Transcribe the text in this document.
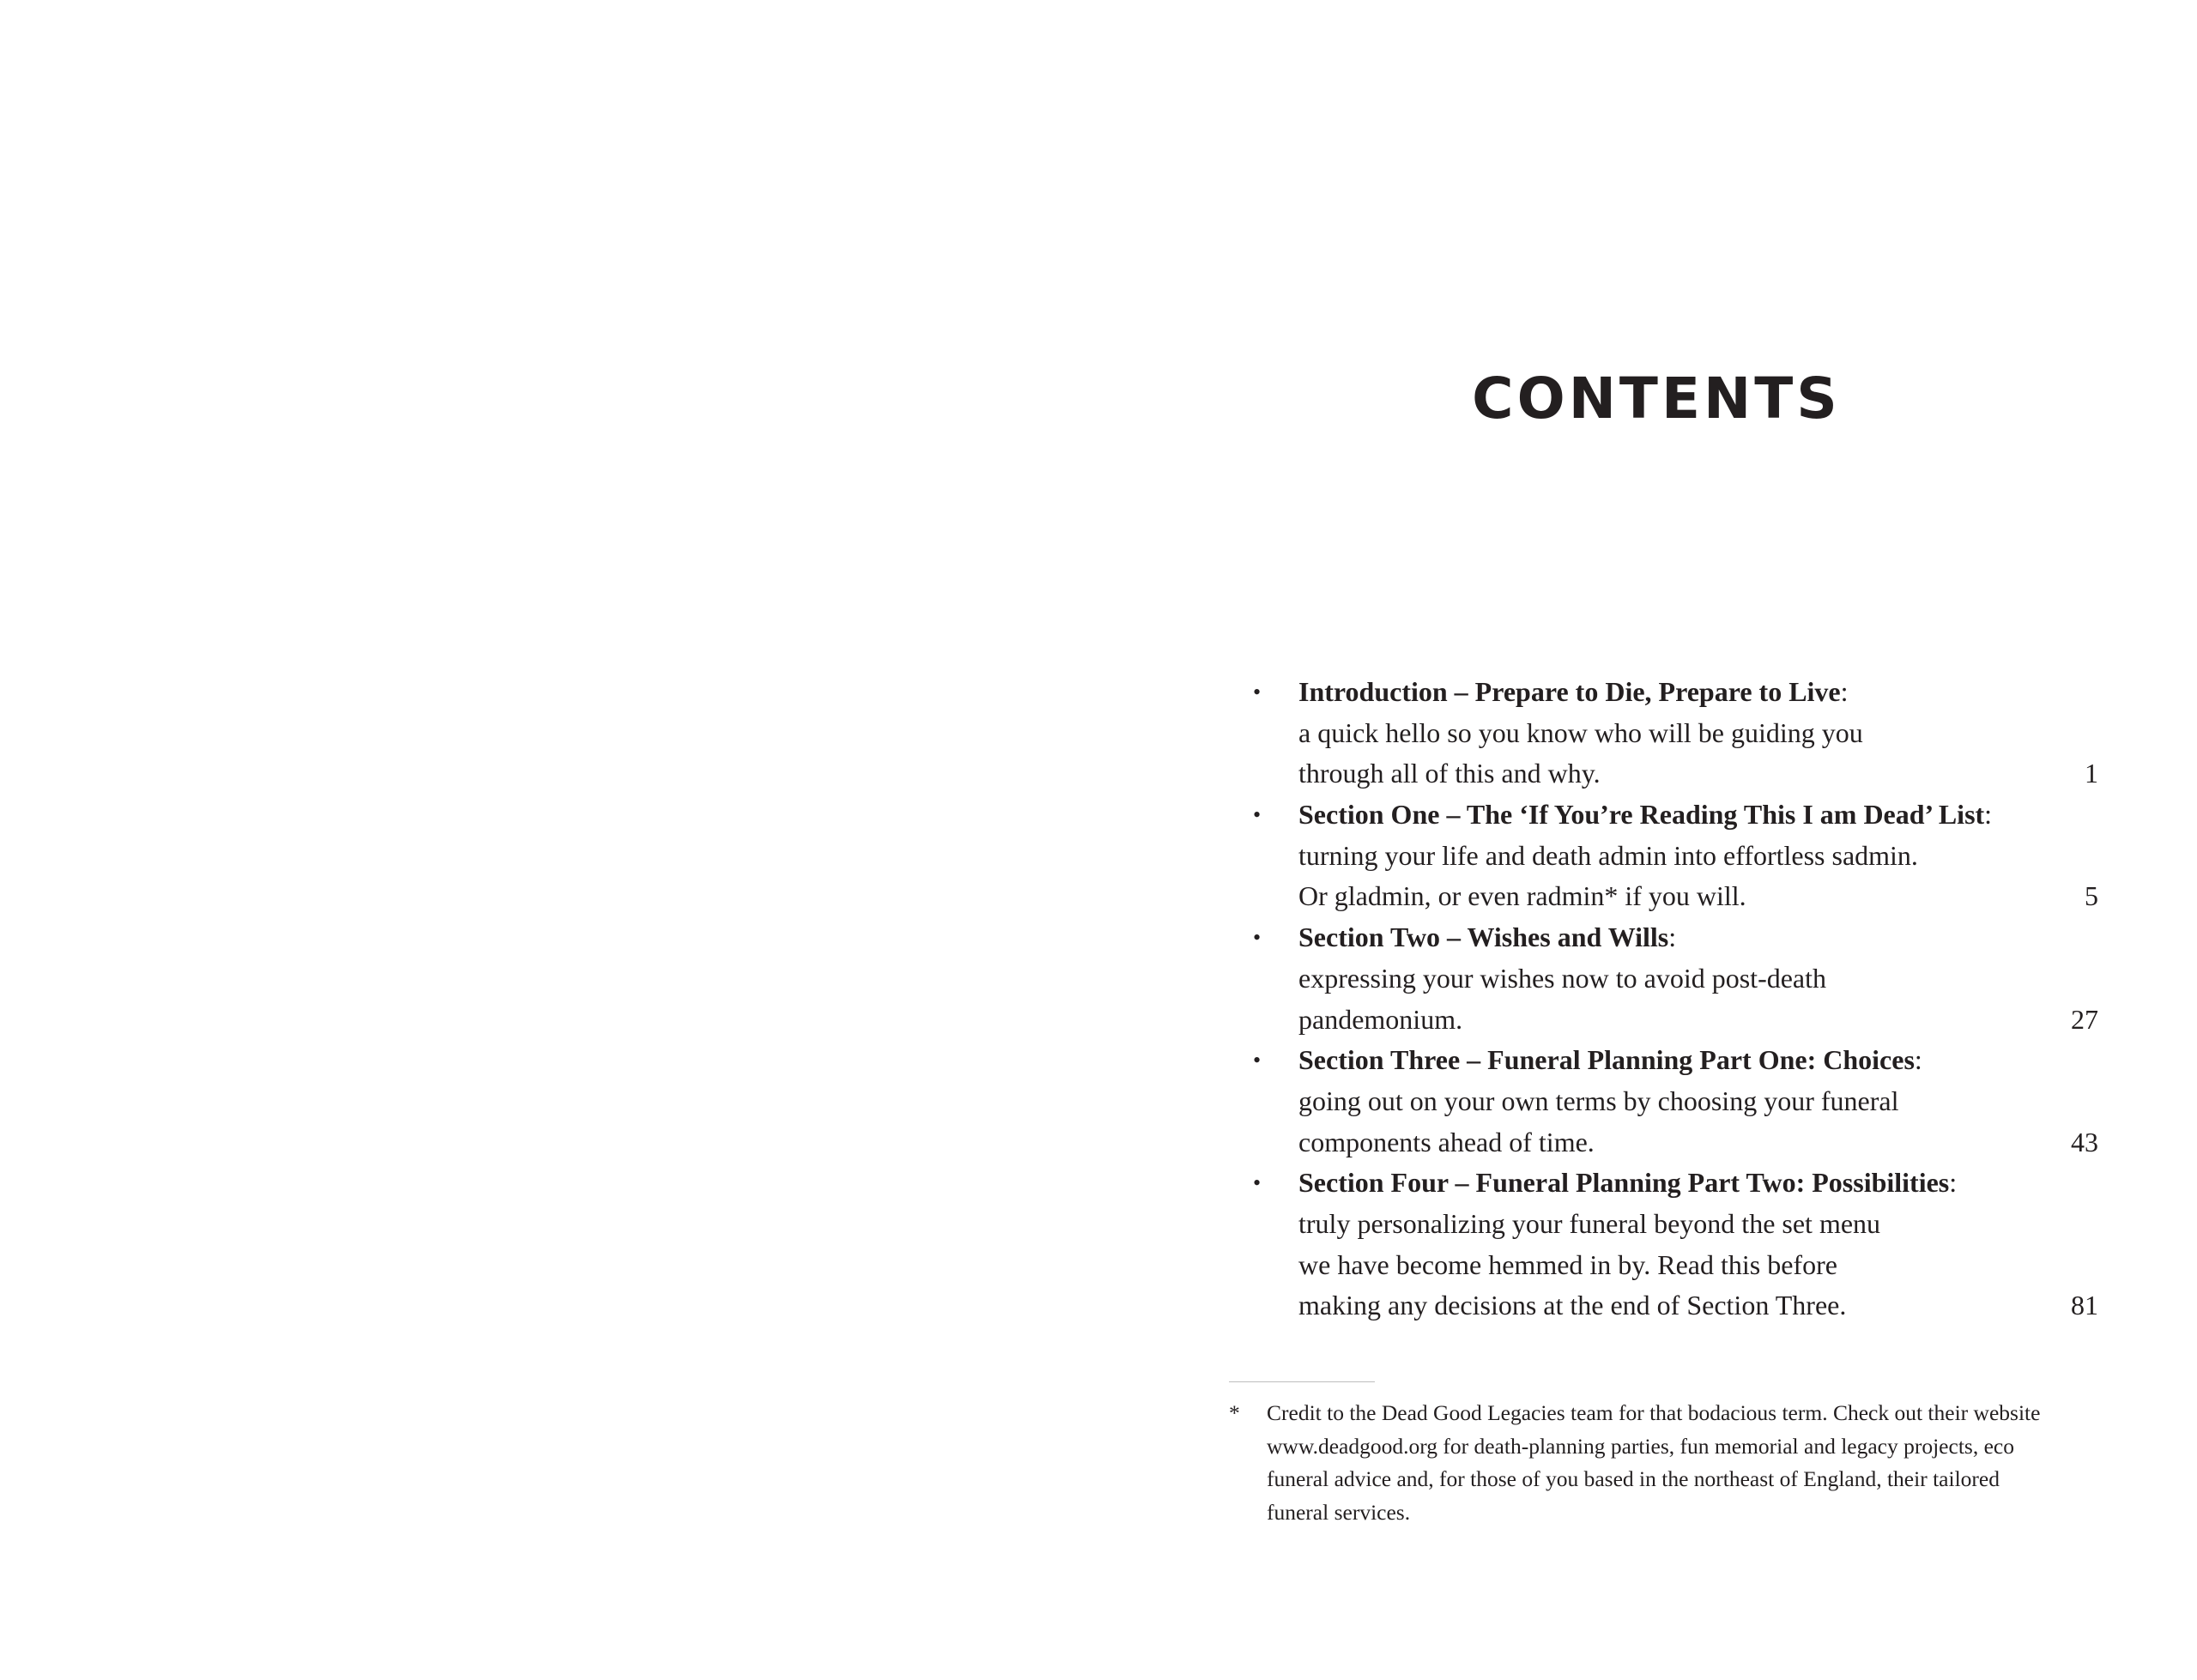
CONTENTS
•	Introduction – Prepare to Die, Prepare to Live:
a quick hello so you know who will be guiding you
through all of this and why.	1
•	Section One – The ‘If You’re Reading This I am Dead’ List:
turning your life and death admin into effortless sadmin.
Or gladmin, or even radmin* if you will.	5
•	Section Two – Wishes and Wills:
expressing your wishes now to avoid post-death
pandemonium.	27
•	Section Three – Funeral Planning Part One: Choices:
going out on your own terms by choosing your funeral
components ahead of time.	43
•	Section Four – Funeral Planning Part Two: Possibilities:
truly personalizing your funeral beyond the set menu
we have become hemmed in by. Read this before
making any decisions at the end of Section Three.	81
*	Credit to the Dead Good Legacies team for that bodacious term. Check out their website
www.deadgood.org for death-planning parties, fun memorial and legacy projects, eco
funeral advice and, for those of you based in the northeast of England, their tailored
funeral services.
